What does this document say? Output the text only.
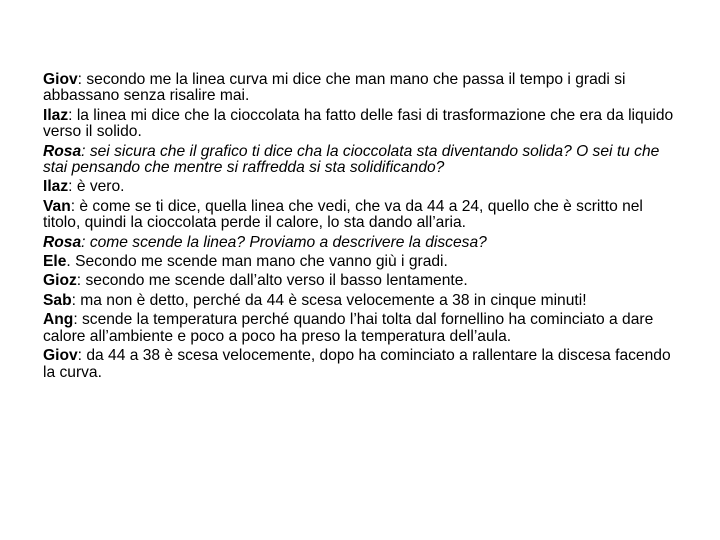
Giov: secondo me la linea curva mi dice che man mano che passa il tempo i gradi si abbassano senza risalire mai.

Ilaz: la linea mi dice che la cioccolata ha fatto delle fasi di trasformazione che era da liquido verso il solido.

Rosa: sei sicura che il grafico ti dice cha la cioccolata sta diventando solida? O sei tu che stai pensando che mentre si raffredda si sta solidificando?

Ilaz: è vero.

Van: è come se ti dice, quella linea che vedi, che va da 44 a 24, quello che è scritto nel titolo, quindi la cioccolata perde il calore, lo sta dando all’aria.

Rosa: come scende la linea? Proviamo a descrivere la discesa?

Ele. Secondo me scende man mano che vanno giù i gradi.

Gioz: secondo me scende dall’alto verso il basso lentamente.

Sab: ma non è detto, perché da 44 è scesa velocemente a 38 in cinque minuti!

Ang: scende la temperatura perché quando l’hai tolta dal fornellino ha cominciato a dare calore all’ambiente e poco a poco ha preso la temperatura dell’aula.

Giov: da 44 a 38 è scesa velocemente, dopo ha cominciato a rallentare la discesa facendo la curva.
